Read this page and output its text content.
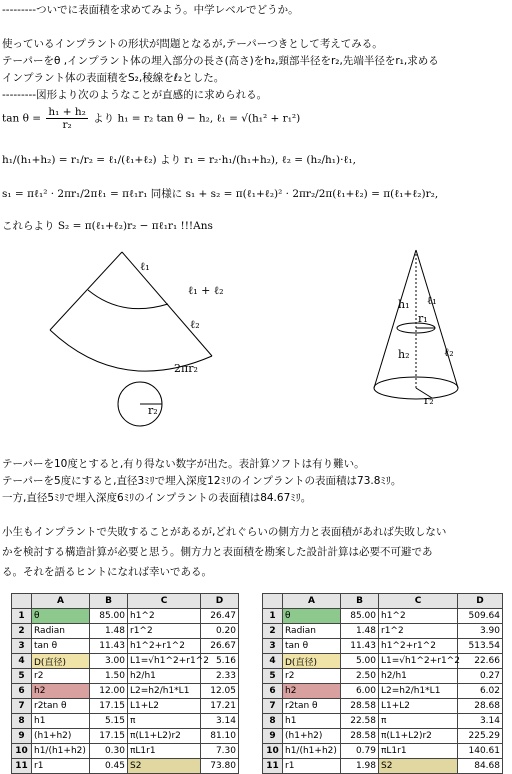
---------ついでに表面積を求めてみよう。中学レベルでどうか。
使っているインプラントの形状が問題となるが,テーパーつきとして考えてみる。
テーパーをθ ,インプラント体の埋入部分の長さ(高さ)をh₂,頸部半径をr₂,先端半径をr₁,求める
インプラント体の表面積をS₂,稜線をℓ₂とした。
---------図形より次のようなことが直感的に求められる。
$\tan \theta = \frac{\text{h₁ + h₂}}{\text{r₂}}$ より h₁ = r₂ tan θ − h₂, ℓ₁ = √(h₁² + r₁²)
h₁/(h₁+h₂) = r₁/r₂ = ℓ₁/(ℓ₁+ℓ₂) より r₁ = r₂·h₁/(h₁+h₂), ℓ₂ = (h₂/h₁)·ℓ₁,
s₁ = πℓ₁² · 2πr₁/2πℓ₁ = πℓ₁r₁ 同様に s₁ + s₂ = π(ℓ₁+ℓ₂)² · 2πr₂/2π(ℓ₁+ℓ₂) = π(ℓ₁+ℓ₂)r₂,
これらより S₂ = π(ℓ₁+ℓ₂)r₂ − πℓ₁r₁ !!!Ans
ℓ₁
ℓ₁ + ℓ₂
ℓ₂
2πr₂
r₂
h₁ ℓ₁
r₁
h₂	ℓ₂
r₂
テーパーを10度とすると,有り得ない数字が出た。表計算ソフトは有り難い。
テーパーを5度にすると,直径3ﾐﾘで埋入深度12ﾐﾘのインプラントの表面積は73.8ﾐﾘ。
一方,直径5ﾐﾘで埋入深度6ﾐﾘのインプラントの表面積は84.67ﾐﾘ。
小生もインプラントで失敗することがあるが,どれぐらいの側方力と表面積があれば失敗しない
かを検討する構造計算が必要と思う。側方力と表面積を勘案した設計計算は必要不可避であ
る。それを語るヒントになれば幸いである。
	A	B	C	D
1	θ	85.00	h1^2	26.47
2	Radian	1.48	r1^2	0.20
3	tan θ	11.43	h1^2+r1^2	26.67
4	D(直径)	3.00	L1=√h1^2+r1^2	5.16
5	r2	1.50	h2/h1	2.33
6	h2	12.00	L2=h2/h1*L1	12.05
7	r2tan θ	17.15	L1+L2	17.21
8	h1	5.15	π	3.14
9	(h1+h2)	17.15	π(L1+L2)r2	81.10
10	h1/(h1+h2)	0.30	πL1r1	7.30
11	r1	0.45	S2	73.80
	A	B	C	D
1	θ	85.00	h1^2	509.64
2	Radian	1.48	r1^2	3.90
3	tan θ	11.43	h1^2+r1^2	513.54
4	D(直径)	5.00	L1=√h1^2+r1^2	22.66
5	r2	2.50	h2/h1	0.27
6	h2	6.00	L2=h2/h1*L1	6.02
7	r2tan θ	28.58	L1+L2	28.68
8	h1	22.58	π	3.14
9	(h1+h2)	28.58	π(L1+L2)r2	225.29
10	h1/(h1+h2)	0.79	πL1r1	140.61
11	r1	1.98	S2	84.68
